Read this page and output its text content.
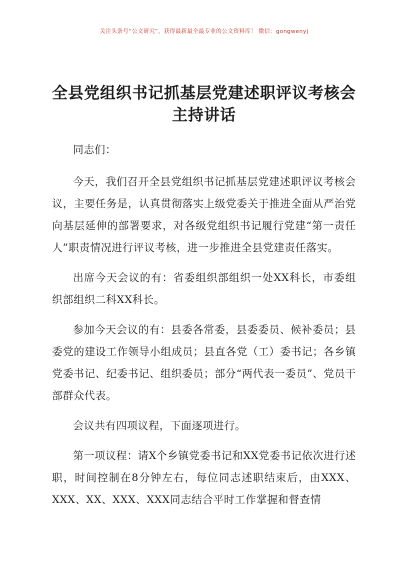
关注头条号“公文研究”，获得最新最全最专业的公文资料库！ 微信：gongwenyj
全县党组织书记抓基层党建述职评议考核会主持讲话

同志们：

今天，我们召开全县党组织书记抓基层党建述职评议考核会议，主要任务是，认真贯彻落实上级党委关于推进全面从严治党向基层延伸的部署要求，对各级党组织书记履行党建“第一责任人”职责情况进行评议考核，进一步推进全县党建责任落实。

出席今天会议的有：省委组织部组织一处XX科长，市委组织部组织二科XX科长。

参加今天会议的有：县委各常委，县委委员、候补委员；县委党的建设工作领导小组成员；县直各党（工）委书记；各乡镇党委书记、纪委书记、组织委员；部分“两代表一委员”、党员干部群众代表。

会议共有四项议程，下面逐项进行。

第一项议程：请X个乡镇党委书记和XX党委书记依次进行述职，时间控制在8分钟左右，每位同志述职结束后，由XXX、XXX、XX、XXX、XXX同志结合平时工作掌握和督查情
